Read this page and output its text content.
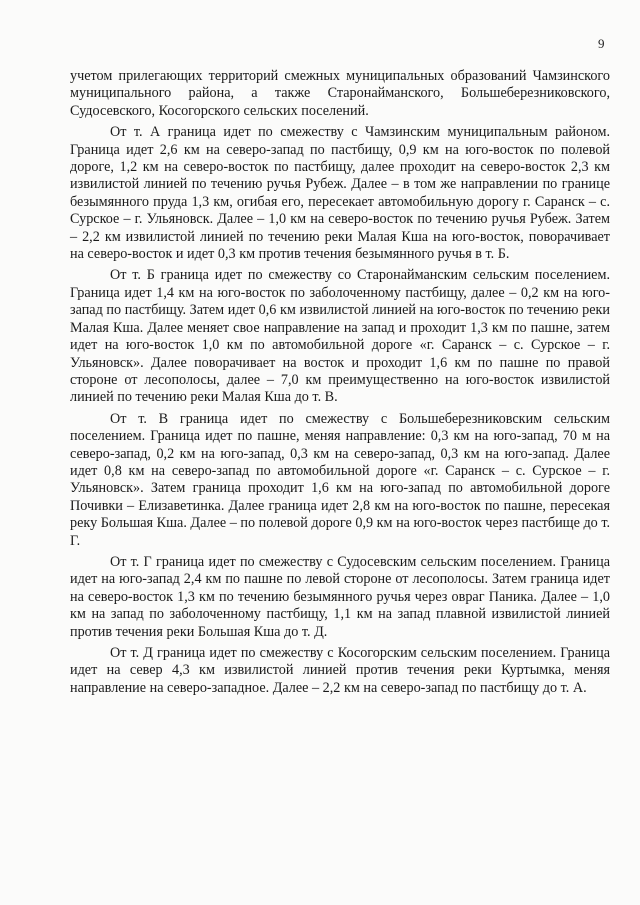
9

учетом прилегающих территорий смежных муниципальных образований Чамзинского муниципального района, а также Старонайманского, Большеберезниковского, Судосевского, Косогорского сельских поселений.

От т. А граница идет по смежеству с Чамзинским муниципальным районом. Граница идет 2,6 км на северо-запад по пастбищу, 0,9 км на юго-восток по полевой дороге, 1,2 км на северо-восток по пастбищу, далее проходит на северо-восток 2,3 км извилистой линией по течению ручья Рубеж. Далее – в том же направлении по границе безымянного пруда 1,3 км, огибая его, пересекает автомобильную дорогу г. Саранск – с. Сурское – г. Ульяновск. Далее – 1,0 км на северо-восток по течению ручья Рубеж. Затем – 2,2 км извилистой линией по течению реки Малая Кша на юго-восток, поворачивает на северо-восток и идет 0,3 км против течения безымянного ручья в т. Б.

От т. Б граница идет по смежеству со Старонайманским сельским поселением. Граница идет 1,4 км на юго-восток по заболоченному пастбищу, далее – 0,2 км на юго-запад по пастбищу. Затем идет 0,6 км извилистой линией на юго-восток по течению реки Малая Кша. Далее меняет свое направление на запад и проходит 1,3 км по пашне, затем идет на юго-восток 1,0 км по автомобильной дороге «г. Саранск – с. Сурское – г. Ульяновск». Далее поворачивает на восток и проходит 1,6 км по пашне по правой стороне от лесополосы, далее – 7,0 км преимущественно на юго-восток извилистой линией по течению реки Малая Кша до т. В.

От т. В граница идет по смежеству с Большеберезниковским сельским поселением. Граница идет по пашне, меняя направление: 0,3 км на юго-запад, 70 м на северо-запад, 0,2 км на юго-запад, 0,3 км на северо-запад, 0,3 км на юго-запад. Далее идет 0,8 км на северо-запад по автомобильной дороге «г. Саранск – с. Сурское – г. Ульяновск». Затем граница проходит 1,6 км на юго-запад по автомобильной дороге Почивки – Елизаветинка. Далее граница идет 2,8 км на юго-восток по пашне, пересекая реку Большая Кша. Далее – по полевой дороге 0,9 км на юго-восток через пастбище до т. Г.

От т. Г граница идет по смежеству с Судосевским сельским поселением. Граница идет на юго-запад 2,4 км по пашне по левой стороне от лесополосы. Затем граница идет на северо-восток 1,3 км по течению безымянного ручья через овраг Паника. Далее – 1,0 км на запад по заболоченному пастбищу, 1,1 км на запад плавной извилистой линией против течения реки Большая Кша до т. Д.

От т. Д граница идет по смежеству с Косогорским сельским поселением. Граница идет на север 4,3 км извилистой линией против течения реки Куртымка, меняя направление на северо-западное. Далее – 2,2 км на северо-запад по пастбищу до т. А.
